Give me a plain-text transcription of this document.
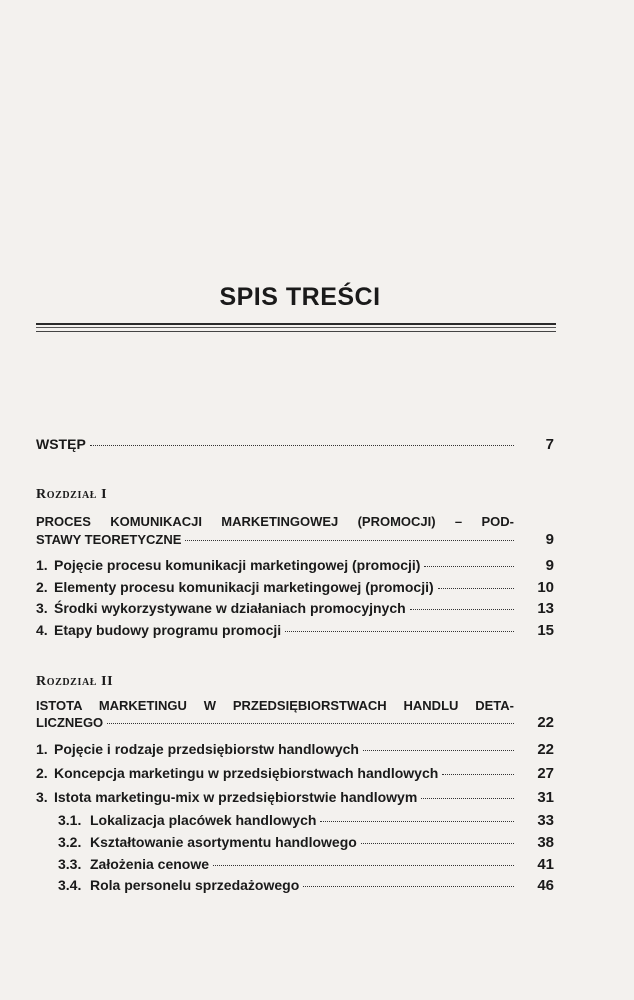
SPIS TREŚCI
WSTĘP	7
Rozdział I
PROCES KOMUNIKACJI MARKETINGOWEJ (PROMOCJI) – POD-
STAWY TEORETYCZNE	9
1. Pojęcie procesu komunikacji marketingowej (promocji)	9
2. Elementy procesu komunikacji marketingowej (promocji)	10
3. Środki wykorzystywane w działaniach promocyjnych	13
4. Etapy budowy programu promocji	15
Rozdział II
ISTOTA MARKETINGU W PRZEDSIĘBIORSTWACH HANDLU DETA-
LICZNEGO	22
1. Pojęcie i rodzaje przedsiębiorstw handlowych	22
2. Koncepcja marketingu w przedsiębiorstwach handlowych	27
3. Istota marketingu-mix w przedsiębiorstwie handlowym	31
3.1. Lokalizacja placówek handlowych	33
3.2. Kształtowanie asortymentu handlowego	38
3.3. Założenia cenowe	41
3.4. Rola personelu sprzedażowego	46
